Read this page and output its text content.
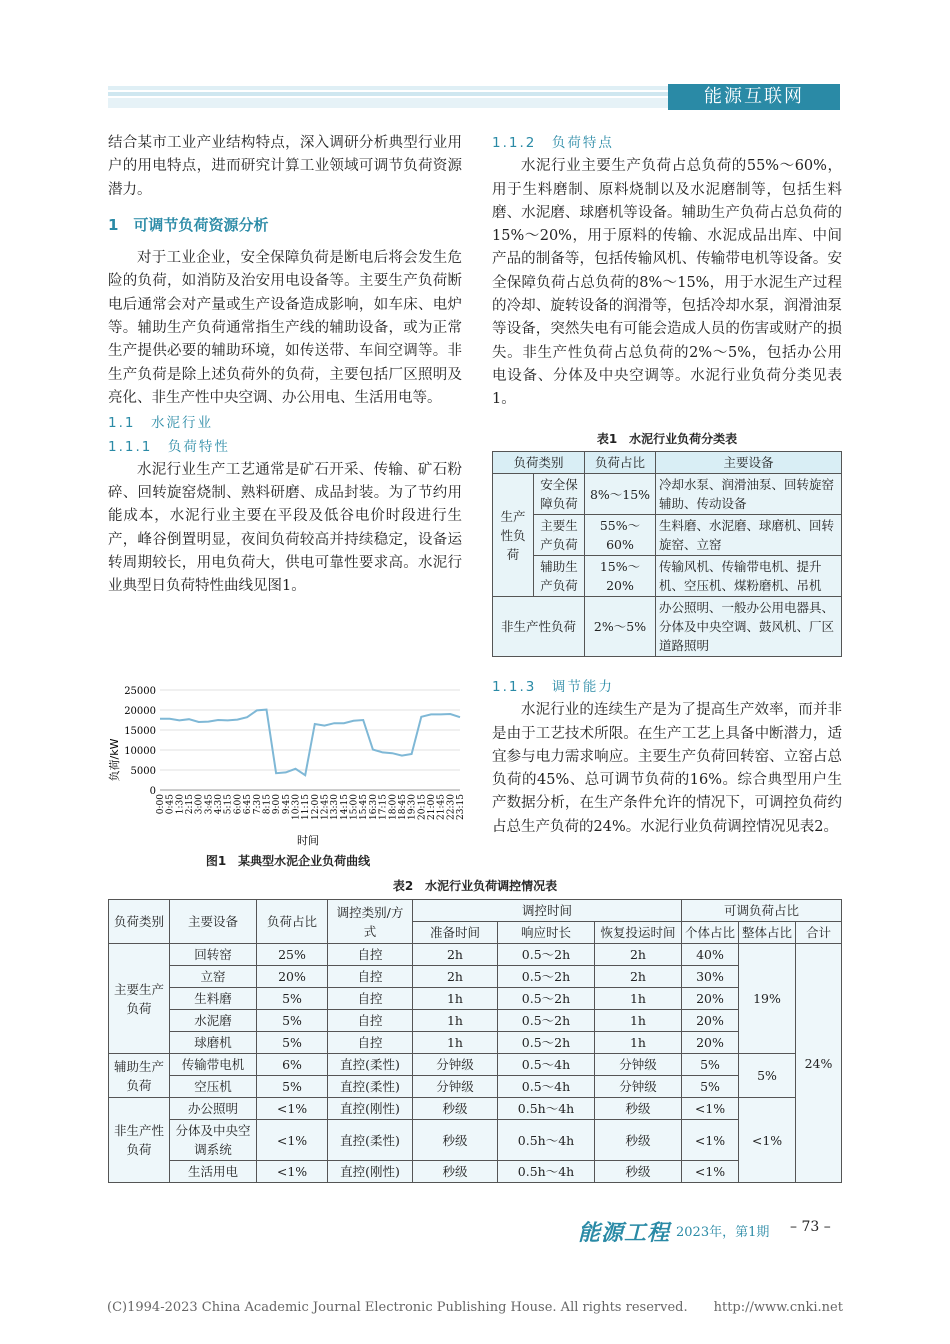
能源互联网

结合某市工业产业结构特点，深入调研分析典型行业用户的用电特点，进而研究计算工业领域可调节负荷资源潜力。

1　可调节负荷资源分析

对于工业企业，安全保障负荷是断电后将会发生危险的负荷，如消防及治安用电设备等。主要生产负荷断电后通常会对产量或生产设备造成影响，如车床、电炉等。辅助生产负荷通常指生产线的辅助设备，或为正常生产提供必要的辅助环境，如传送带、车间空调等。非生产负荷是除上述负荷外的负荷，主要包括厂区照明及亮化、非生产性中央空调、办公用电、生活用电等。

1.1　水泥行业

1.1.1　负荷特性

水泥行业生产工艺通常是矿石开采、传输、矿石粉碎、回转旋窑烧制、熟料研磨、成品封装。为了节约用能成本，水泥行业主要在平段及低谷电价时段进行生产，峰谷倒置明显，夜间负荷较高并持续稳定，设备运转周期较长，用电负荷大，供电可靠性要求高。水泥行业典型日负荷特性曲线见图1。

0
5000
10000
15000
20000
25000
0:00 0:45 1:30 2:15 3:00 3:45 4:30 5:15 6:00 6:45 7:30 8:15 9:00 9:45 10:30 11:15 12:00 12:45 13:30 14:15 15:00 15:45 16:30 17:15 18:00 18:45 19:30 20:15 21:00 21:45 22:30 23:15
负荷/kW
时间
图1　某典型水泥企业负荷曲线

1.1.2　负荷特点

水泥行业主要生产负荷占总负荷的55%～60%，用于生料磨制、原料烧制以及水泥磨制等，包括生料磨、水泥磨、球磨机等设备。辅助生产负荷占总负荷的15%～20%，用于原料的传输、水泥成品出库、中间产品的制备等，包括传输风机、传输带电机等设备。安全保障负荷占总负荷的8%～15%，用于水泥生产过程的冷却、旋转设备的润滑等，包括冷却水泵，润滑油泵等设备，突然失电有可能会造成人员的伤害或财产的损失。非生产性负荷占总负荷的2%～5%，包括办公用电设备、分体及中央空调等。水泥行业负荷分类见表1。

表1　水泥行业负荷分类表
负荷类别		负荷占比	主要设备
生产性负荷	安全保障负荷	8%～15%	冷却水泵、润滑油泵、回转旋窑辅助、传动设备
	主要生产负荷	55%～60%	生料磨、水泥磨、球磨机、回转旋窑、立窑
	辅助生产负荷	15%～20%	传输风机、传输带电机、提升机、空压机、煤粉磨机、吊机
非生产性负荷		2%～5%	办公照明、一般办公用电器具、分体及中央空调、鼓风机、厂区道路照明

1.1.3　调节能力

水泥行业的连续生产是为了提高生产效率，而并非是由于工艺技术所限。在生产工艺上具备中断潜力，适宜参与电力需求响应。主要生产负荷回转窑、立窑占总负荷的45%、总可调节负荷的16%。综合典型用户生产数据分析，在生产条件允许的情况下，可调控负荷约占总生产负荷的24%。水泥行业负荷调控情况见表2。

表2　水泥行业负荷调控情况表
负荷类别	主要设备	负荷占比	调控类别/方式	调控时间			可调负荷占比		
				准备时间	响应时长	恢复投运时间	个体占比	整体占比	合计
主要生产负荷	回转窑	25%	自控	2h	0.5～2h	2h	40%	19%	24%
	立窑	20%	自控	2h	0.5～2h	2h	30%		
	生料磨	5%	自控	1h	0.5～2h	1h	20%		
	水泥磨	5%	自控	1h	0.5～2h	1h	20%		
	球磨机	5%	自控	1h	0.5～2h	1h	20%		
辅助生产负荷	传输带电机	6%	直控(柔性)	分钟级	0.5～4h	分钟级	5%	5%	
	空压机	5%	直控(柔性)	分钟级	0.5～4h	分钟级	5%		
非生产性负荷	办公照明	<1%	直控(刚性)	秒级	0.5h～4h	秒级	<1%	<1%	
	分体及中央空调系统	<1%	直控(柔性)	秒级	0.5h～4h	秒级	<1%		
	生活用电	<1%	直控(刚性)	秒级	0.5h～4h	秒级	<1%		
能源工程 2023年，第1期 – 73 –
(C)1994-2023 China Academic Journal Electronic Publishing House. All rights reserved.　　http://www.cnki.net
